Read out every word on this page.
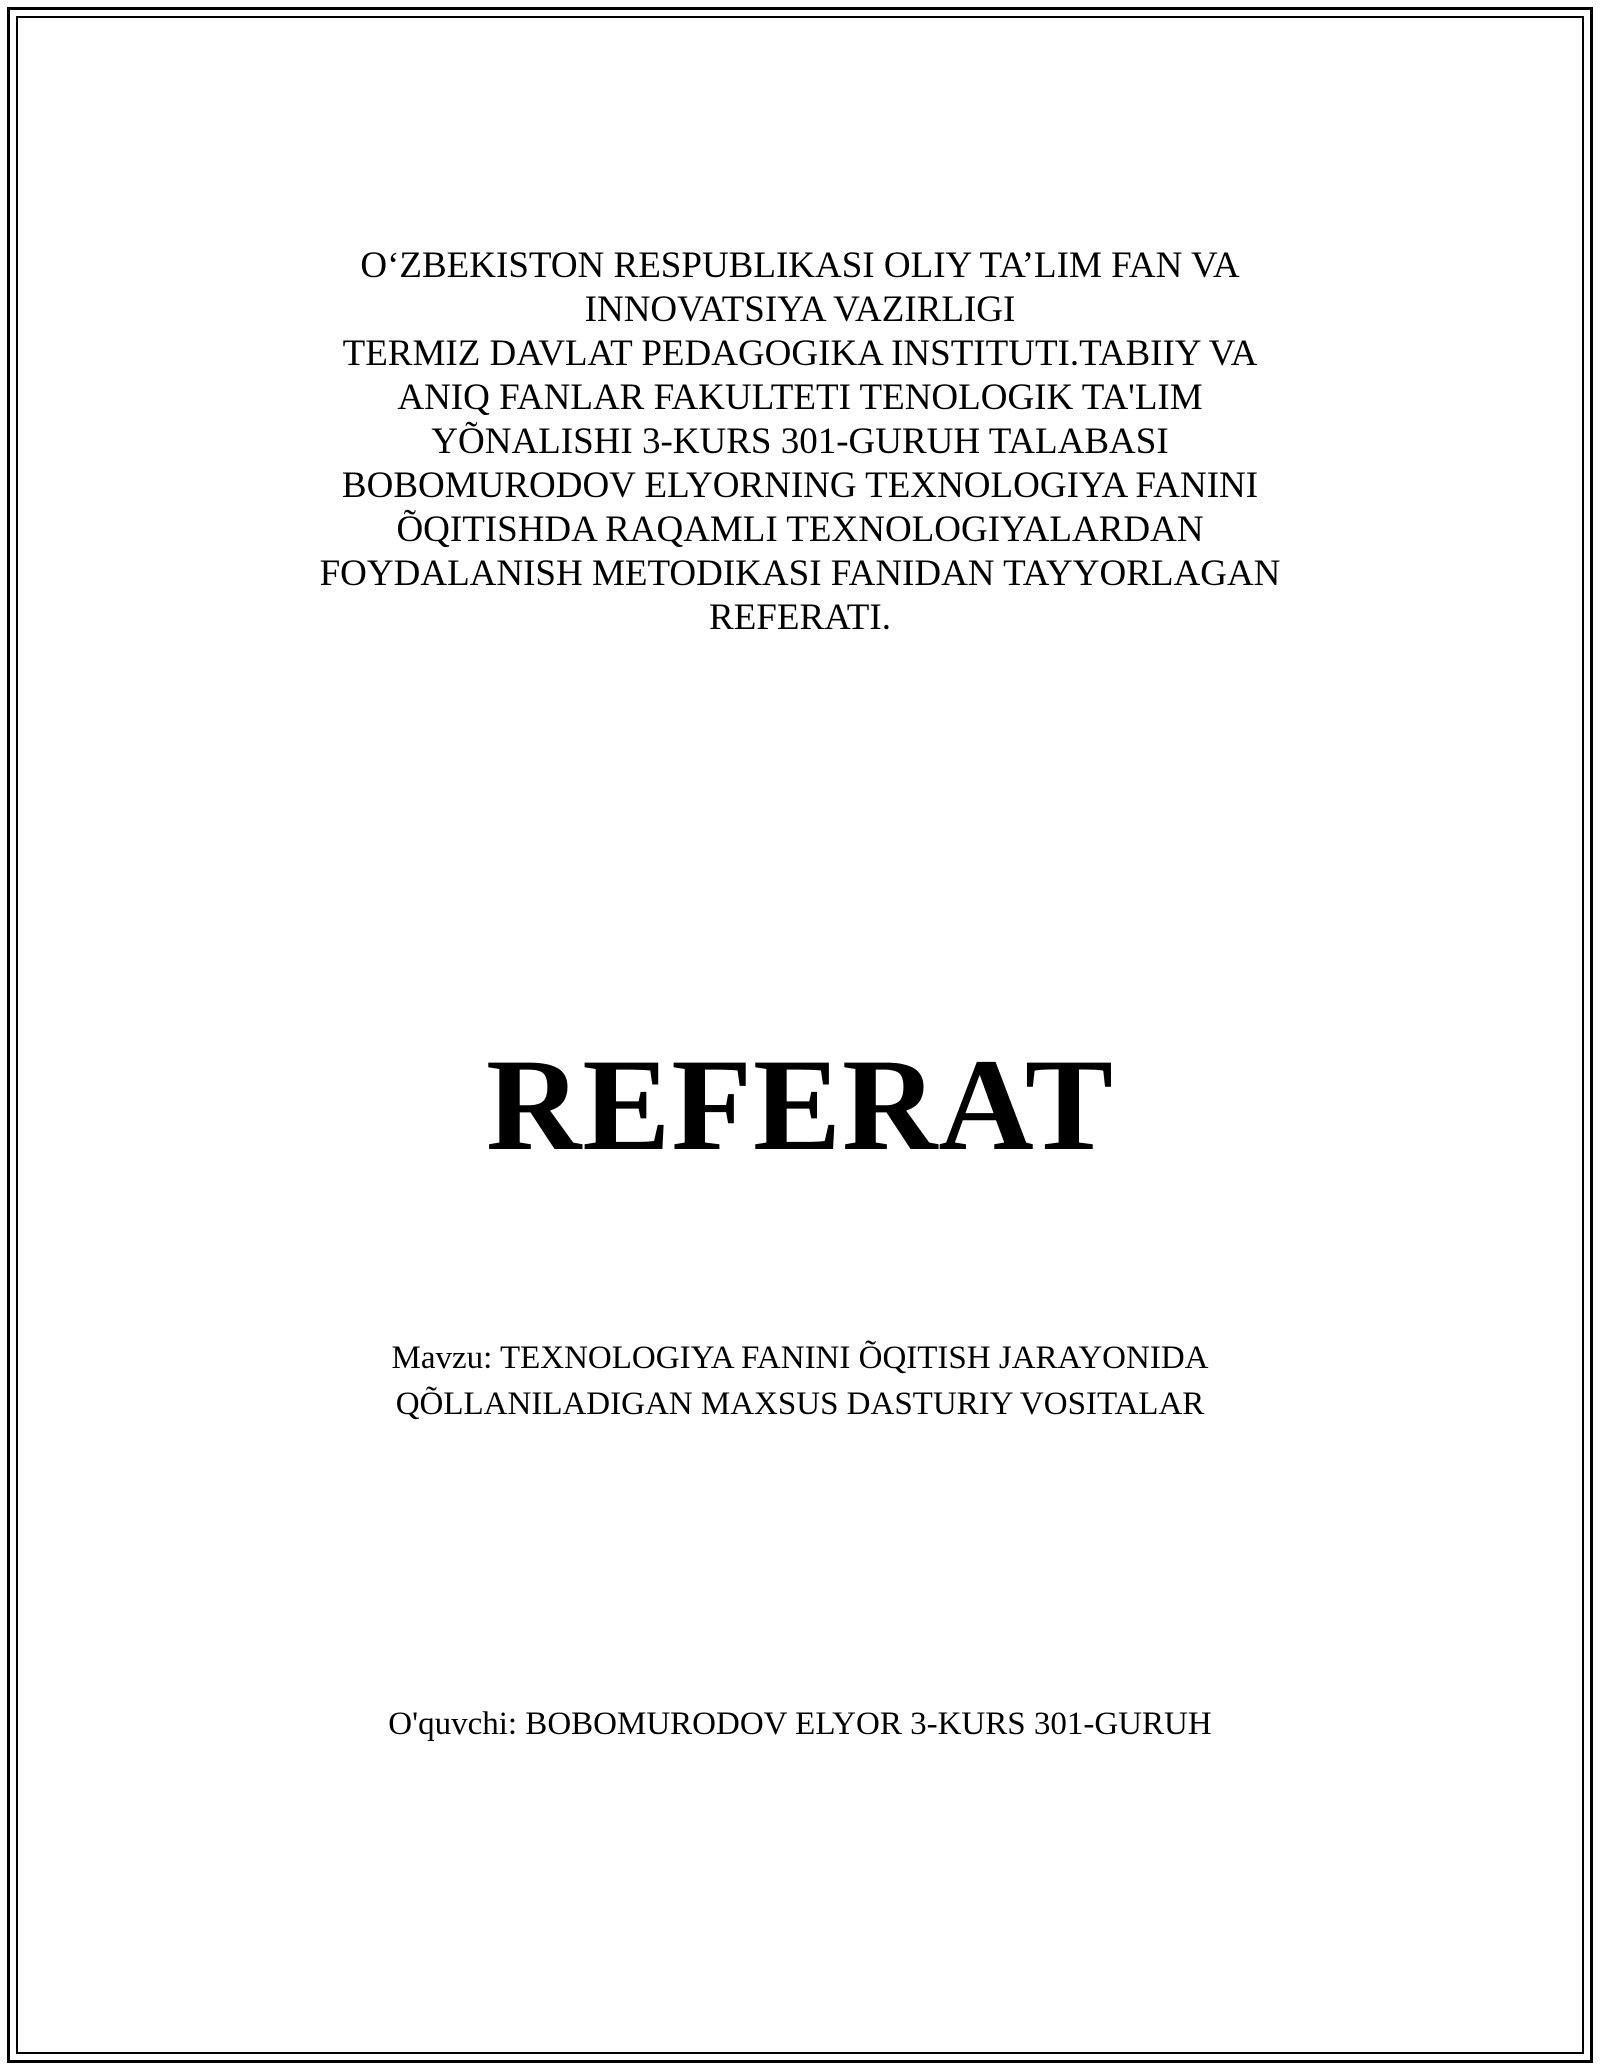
O‘ZBEKISTON RESPUBLIKASI OLIY TA’LIM FAN VA
INNOVATSIYA VAZIRLIGI
TERMIZ DAVLAT PEDAGOGIKA INSTITUTI.TABIIY VA
ANIQ FANLAR FAKULTETI TENOLOGIK TA'LIM
YÕNALISHI 3-KURS 301-GURUH TALABASI
BOBOMURODOV ELYORNING TEXNOLOGIYA FANINI
ÕQITISHDA RAQAMLI TEXNOLOGIYALARDAN
FOYDALANISH METODIKASI FANIDAN TAYYORLAGAN
REFERATI.
REFERAT
Mavzu: TEXNOLOGIYA FANINI ÕQITISH JARAYONIDA
QÕLLANILADIGAN MAXSUS DASTURIY VOSITALAR
O'quvchi: BOBOMURODOV ELYOR 3-KURS 301-GURUH
